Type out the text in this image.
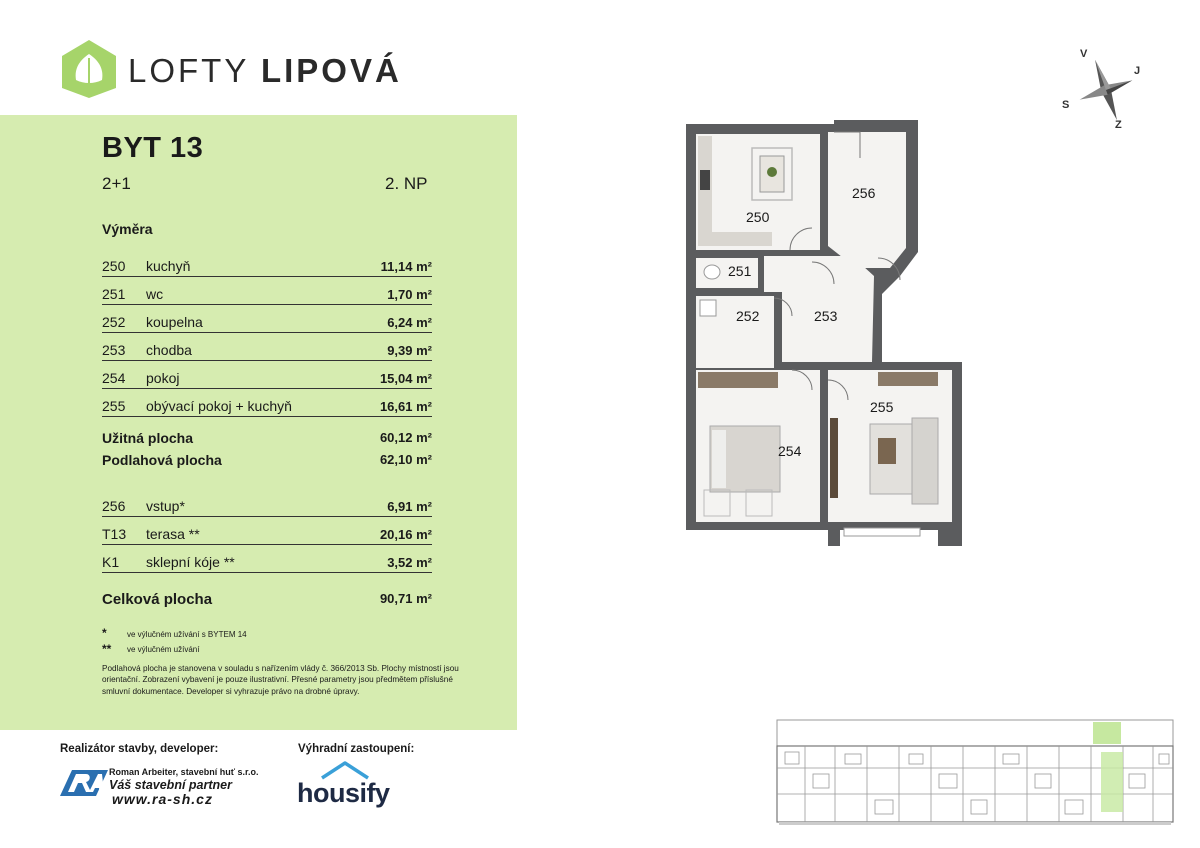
LOFTY LIPOVÁ
BYT 13
2+1	2. NP
Výměra
250 kuchyň	11,14 m²
251 wc	1,70 m²
252 koupelna	6,24 m²
253 chodba	9,39 m²
254 pokoj	15,04 m²
255 obývací pokoj + kuchyň	16,61 m²
Užitná plocha	60,12 m²
Podlahová plocha	62,10 m²
256 vstup*	6,91 m²
T13 terasa **	20,16 m²
K1 sklepní kóje **	3,52 m²
Celková plocha	90,71 m²
*	ve výlučném užívání s BYTEM 14
** ve výlučném užívání
Podlahová plocha je stanovena v souladu s nařízením vlády č. 366/2013 Sb. Plochy místností jsou orientační. Zobrazení vybavení je pouze ilustrativní. Přesné parametry jsou předmětem příslušné smluvní dokumentace. Developer si vyhrazuje právo na drobné úpravy.
Realizátor stavby, developer:	Výhradní zastoupení:
Roman Arbeiter, stavební huť s.r.o.
Váš stavební partner
www.ra-sh.cz	housify
V
J
Z
S
250
256
251
252	253
254
255
